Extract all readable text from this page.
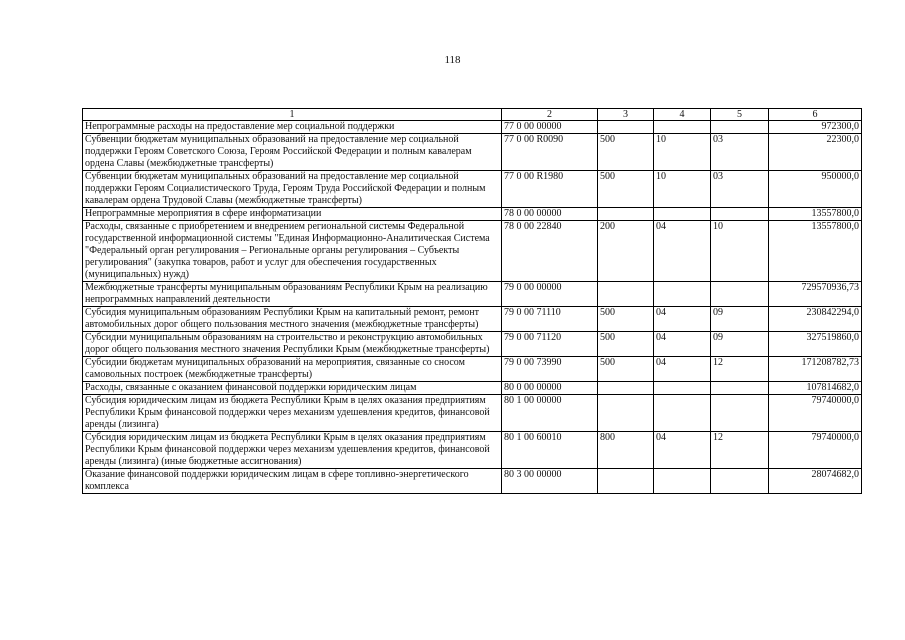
118
1	2	3	4	5	6
Непрограммные расходы на предоставление мер социальной поддержки	77 0 00 00000				972300,0
Субвенции бюджетам муниципальных образований на предоставление мер социальной поддержки Героям Советского Союза, Героям Российской Федерации и полным кавалерам ордена Славы (межбюджетные трансферты)	77 0 00 R0090	500	10	03	22300,0
Субвенции бюджетам муниципальных образований на предоставление мер социальной поддержки Героям Социалистического Труда, Героям Труда Российской Федерации и полным кавалерам ордена Трудовой Славы (межбюджетные трансферты)	77 0 00 R1980	500	10	03	950000,0
Непрограммные мероприятия в сфере информатизации	78 0 00 00000				13557800,0
Расходы, связанные с приобретением и внедрением региональной системы Федеральной государственной информационной системы "Единая Информационно-Аналитическая Система "Федеральный орган регулирования – Региональные органы регулирования – Субъекты регулирования" (закупка товаров, работ и услуг для обеспечения государственных (муниципальных) нужд)	78 0 00 22840	200	04	10	13557800,0
Межбюджетные трансферты муниципальным образованиям Республики Крым на реализацию непрограммных направлений деятельности	79 0 00 00000				729570936,73
Субсидия муниципальным образованиям Республики Крым на капитальный ремонт, ремонт автомобильных дорог общего пользования местного значения (межбюджетные трансферты)	79 0 00 71110	500	04	09	230842294,0
Субсидии муниципальным образованиям на строительство и реконструкцию автомобильных дорог общего пользования местного значения Республики Крым (межбюджетные трансферты)	79 0 00 71120	500	04	09	327519860,0
Субсидии бюджетам муниципальных образований на мероприятия, связанные со сносом самовольных построек (межбюджетные трансферты)	79 0 00 73990	500	04	12	171208782,73
Расходы, связанные с оказанием финансовой поддержки юридическим лицам	80 0 00 00000				107814682,0
Субсидия юридическим лицам из бюджета Республики Крым в целях оказания предприятиям Республики Крым финансовой поддержки через механизм удешевления кредитов, финансовой аренды (лизинга)	80 1 00 00000				79740000,0
Субсидия юридическим лицам из бюджета Республики Крым в целях оказания предприятиям Республики Крым финансовой поддержки через механизм удешевления кредитов, финансовой аренды (лизинга) (иные бюджетные ассигнования)	80 1 00 60010	800	04	12	79740000,0
Оказание финансовой поддержки юридическим лицам в сфере топливно-энергетического комплекса	80 3 00 00000				28074682,0
